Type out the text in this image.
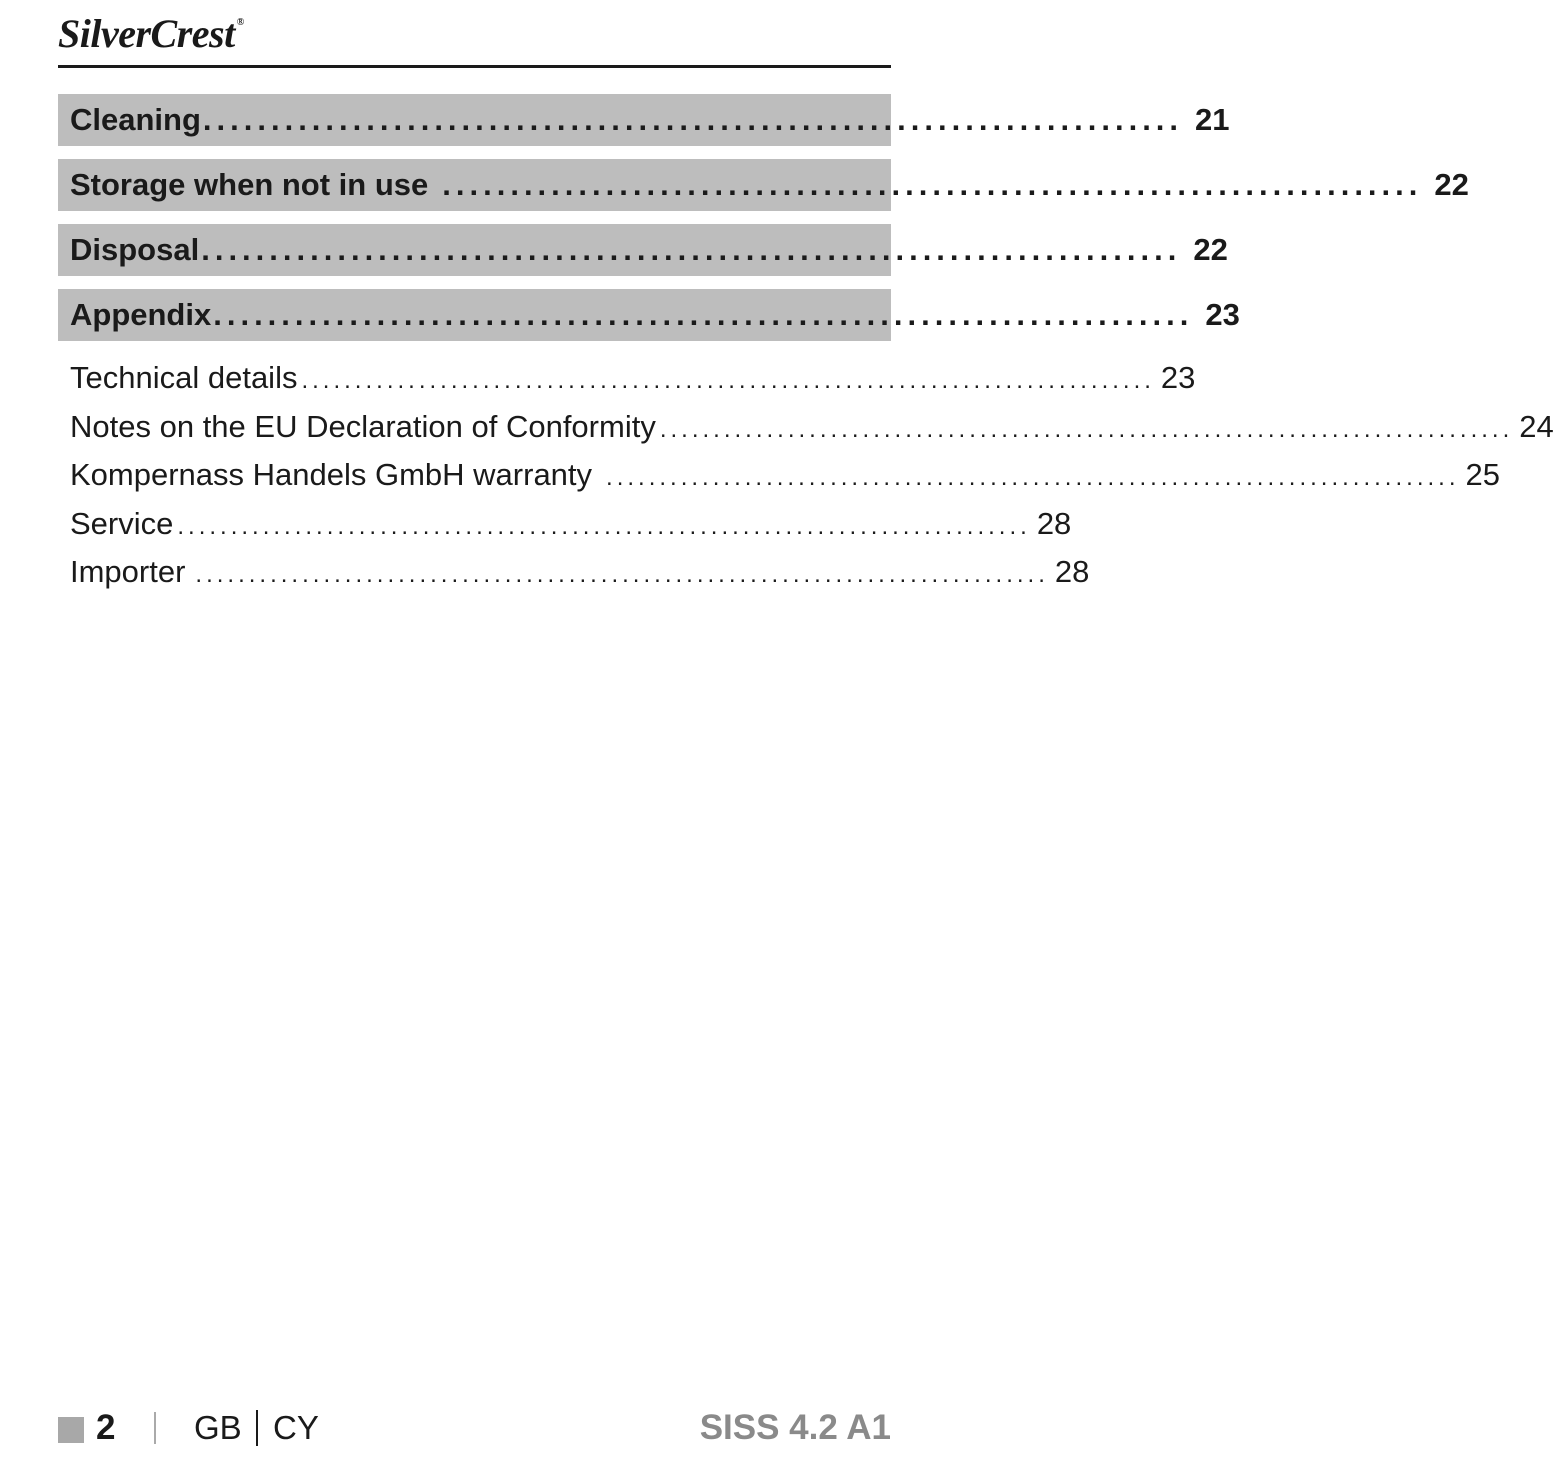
SilverCrest ®
Cleaning ........................................................................ 21
Storage when not in use ........................................................................ 22
Disposal ........................................................................ 22
Appendix ........................................................................ 23
Technical details ................................................................................ 23
Notes on the EU Declaration of Conformity ................................................................................ 24
Kompernass Handels GmbH warranty ................................................................................ 25
Service ................................................................................ 28
Importer ................................................................................ 28
2 GB CY	SISS 4.2 A1
